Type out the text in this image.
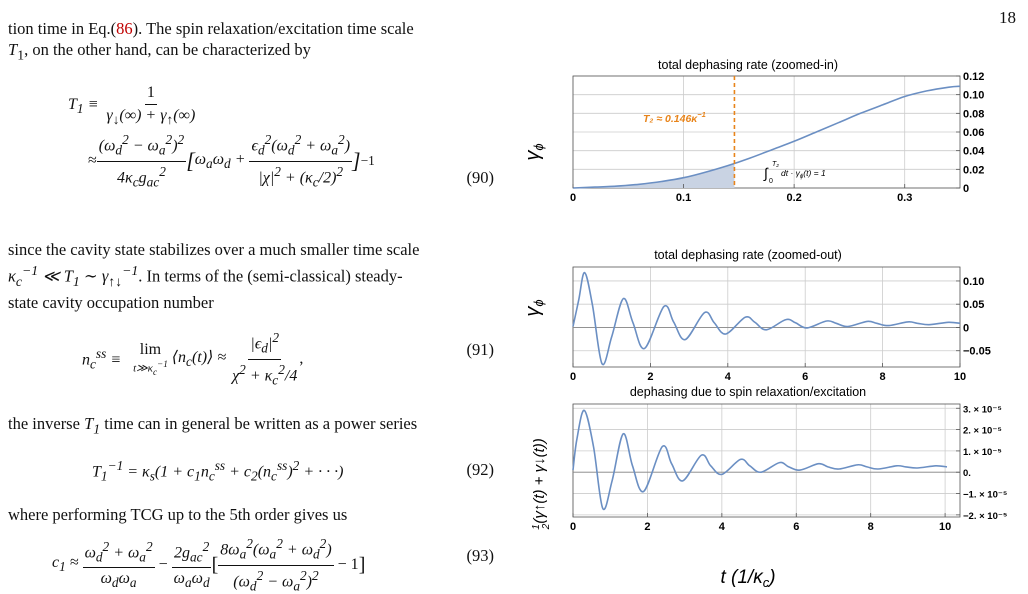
18
tion time in Eq.(86). The spin relaxation/excitation time scale
$T_1$, on the other hand, can be characterized by
$T_1 \equiv \frac{1}{\gamma_↓(\infty) + \gamma_↑(\infty)}$
≈ $\frac{(\omega_d^2 - \omega_a^2)^2}{4\kappa_cg_{ac}^2}$ [ $\omega_a\omega_d + \frac{\epsilon_d^2(\omega_d^2 + \omega_a^2)}{|\chi|^2 + (\kappa_c/2)^2}$ ] −1
(90)
since the cavity state stabilizes over a much smaller time scale
$\kappa_c^{-1}$ ≪ $T_1$ ∼ $\gamma_{↑↓}^{-1}$. In terms of the (semi-classical) steady-
state cavity occupation number
$n_c^{ss}$ ≡
lim
$t≫\kappa_c^{-1}$ $⟨n_c(t)⟩ \approx \frac{|\epsilon_d|^2}{\chi^2 + \kappa_c^2/4}$ ,	(91)
the inverse $T_1$ time can in general be written as a power series
$T_1^{-1} = \kappa_s(1 + c_1n_c^{ss} + c_2(n_c^{ss})^2$ + · · ·)	(92)
where performing TCG up to the 5th order gives us
$c_1 \approx \frac{\omega_d^2 + \omega_a^2}{\omega_d\omega_a} - \frac{2g_{ac}^2}{\omega_a\omega_d}$ [ $\frac{8\omega_a^2(\omega_a^2 + \omega_d^2)}{(\omega_d^2 - \omega_a^2)^2} - 1$ ]	(93)
total dephasing rate (zoomed-in)
0	0.1	0.2	0.3
0
0.02
0.04
0.06
0.08
0.10
0.12
$\gamma_\phi$
$T_2 \approx 0.146\kappa^{-1}$
∫
T₂
0
dt · $\gamma_\phi(t) = 1$
total dephasing rate (zoomed-out)
0	2	4	6	8	10
−0.05
0
0.05
0.10
$\gamma_\phi$
dephasing due to spin relaxation/excitation
0	2	4	6	8	10
−2. × 10⁻⁵
−1. × 10⁻⁵
0.
1. × 10⁻⁵
2. × 10⁻⁵
3. × 10⁻⁵
$^1$2(γ↑(t) + γ↓(t))
t $(1/\kappa_c)$
